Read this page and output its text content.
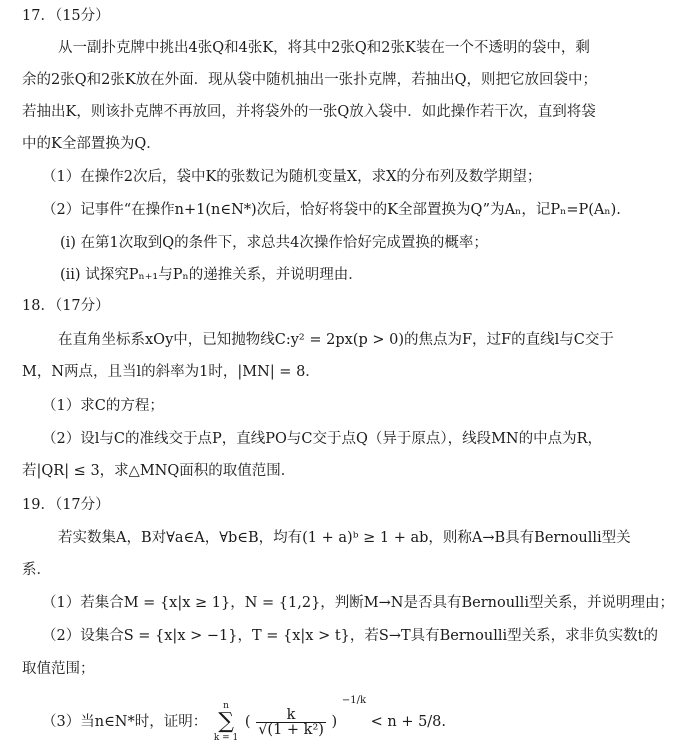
17．（15分）
从一副扑克牌中挑出4张Q和4张K，将其中2张Q和2张K装在一个不透明的袋中，剩
余的2张Q和2张K放在外面．现从袋中随机抽出一张扑克牌，若抽出Q，则把它放回袋中；
若抽出K，则该扑克牌不再放回，并将袋外的一张Q放入袋中．如此操作若干次，直到将袋
中的K全部置换为Q．
（1）在操作2次后，袋中K的张数记为随机变量X，求X的分布列及数学期望；
（2）记事件“在操作n+1(n∈N*)次后，恰好将袋中的K全部置换为Q”为Aₙ，记Pₙ=P(Aₙ).
(i) 在第1次取到Q的条件下，求总共4次操作恰好完成置换的概率；
(ii) 试探究Pₙ₊₁与Pₙ的递推关系，并说明理由．
18．（17分）
在直角坐标系xOy中，已知抛物线C:y² = 2px(p > 0)的焦点为F，过F的直线l与C交于
M，N两点，且当l的斜率为1时，|MN| = 8．
（1）求C的方程；
（2）设l与C的准线交于点P，直线PO与C交于点Q（异于原点），线段MN的中点为R，
若|QR| ≤ 3，求△MNQ面积的取值范围．
19．（17分）
若实数集A，B对∀a∈A，∀b∈B，均有(1 + a)ᵇ ≥ 1 + ab，则称A→B具有Bernoulli型关
系．
（1）若集合M = {x|x ≥ 1}，N = {1,2}，判断M→N是否具有Bernoulli型关系，并说明理由；
（2）设集合S = {x|x > −1}，T = {x|x > t}，若S→T具有Bernoulli型关系，求非负实数t的
取值范围；
（3）当n∈N*时，证明：
n
∑
k = 1
( $\frac{k}{\text{√(1 + k²)}}$ ) $^{-1/k}$ < n + 5/8.
